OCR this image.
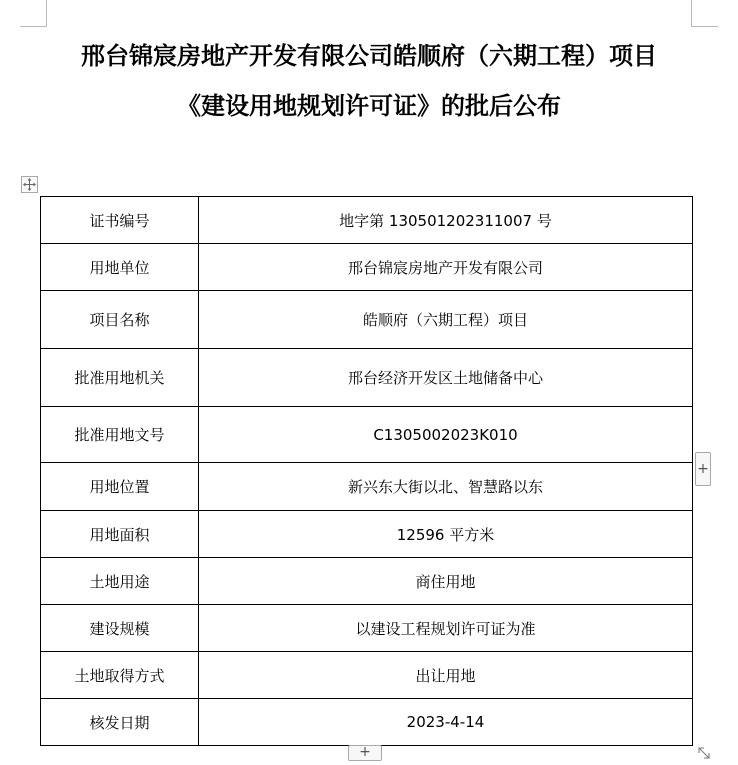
邢台锦宸房地产开发有限公司皓顺府（六期工程）项目
《建设用地规划许可证》的批后公布
证书编号	地字第 130501202311007 号
用地单位	邢台锦宸房地产开发有限公司
项目名称	皓顺府（六期工程）项目
批准用地机关	邢台经济开发区土地储备中心
批准用地文号	C1305002023K010
用地位置	新兴东大街以北、智慧路以东
用地面积	12596 平方米
土地用途	商住用地
建设规模	以建设工程规划许可证为准
土地取得方式	出让用地
核发日期	2023-4-14
+
+
